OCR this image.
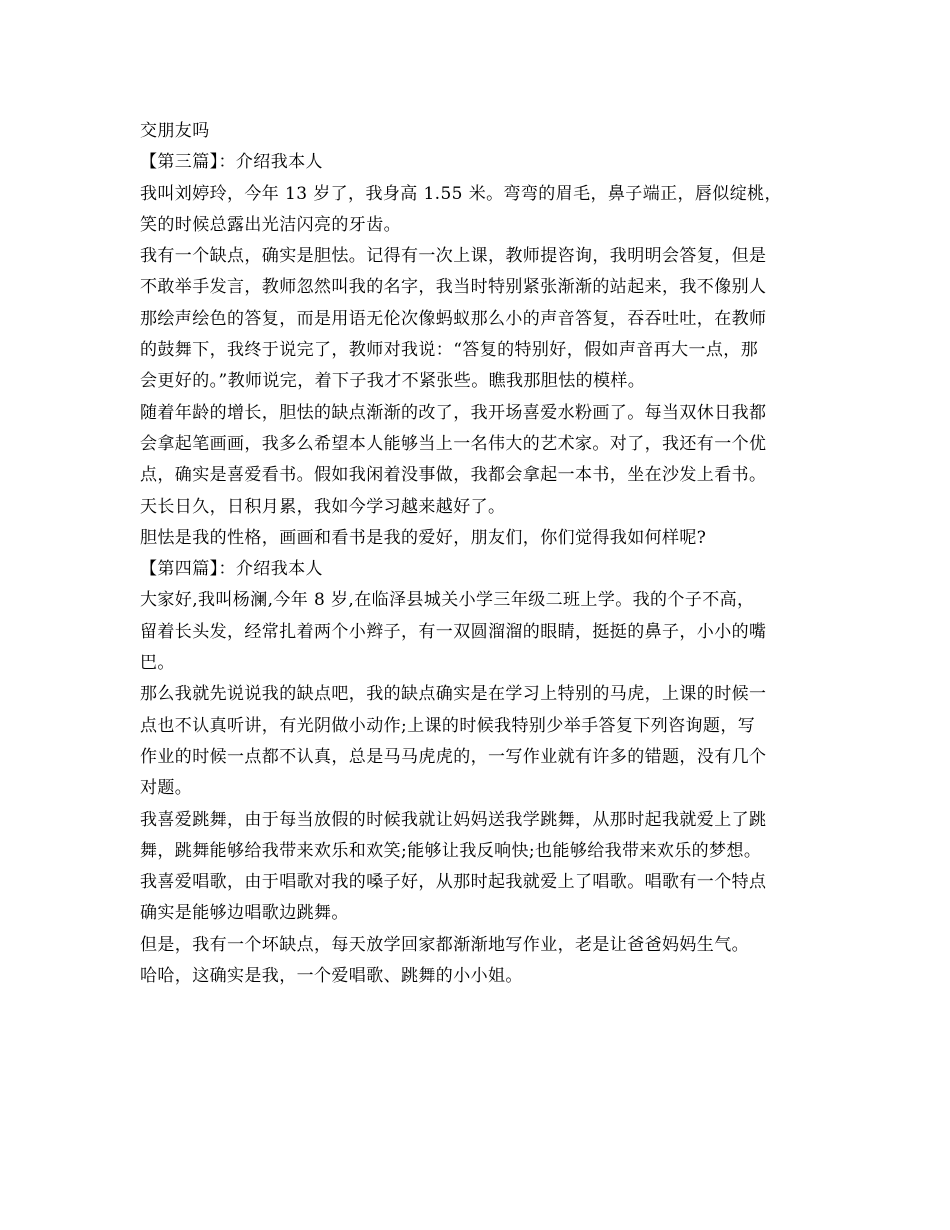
交朋友吗
【第三篇】：介绍我本人
我叫刘婷玲，今年 13 岁了，我身高 1.55 米。弯弯的眉毛，鼻子端正，唇似绽桃，
笑的时候总露出光洁闪亮的牙齿。
我有一个缺点，确实是胆怯。记得有一次上课，教师提咨询，我明明会答复，但是
不敢举手发言，教师忽然叫我的名字，我当时特别紧张渐渐的站起来，我不像别人
那绘声绘色的答复，而是用语无伦次像蚂蚁那么小的声音答复，吞吞吐吐，在教师
的鼓舞下，我终于说完了，教师对我说：“答复的特别好，假如声音再大一点，那
会更好的。”教师说完，着下子我才不紧张些。瞧我那胆怯的模样。
随着年龄的增长，胆怯的缺点渐渐的改了，我开场喜爱水粉画了。每当双休日我都
会拿起笔画画，我多么希望本人能够当上一名伟大的艺术家。对了，我还有一个优
点，确实是喜爱看书。假如我闲着没事做，我都会拿起一本书，坐在沙发上看书。
天长日久，日积月累，我如今学习越来越好了。
胆怯是我的性格，画画和看书是我的爱好，朋友们，你们觉得我如何样呢?
【第四篇】：介绍我本人
大家好,我叫杨澜,今年 8 岁,在临泽县城关小学三年级二班上学。我的个子不高，
留着长头发，经常扎着两个小辫子，有一双圆溜溜的眼睛，挺挺的鼻子，小小的嘴
巴。
那么我就先说说我的缺点吧，我的缺点确实是在学习上特别的马虎，上课的时候一
点也不认真听讲，有光阴做小动作;上课的时候我特别少举手答复下列咨询题，写
作业的时候一点都不认真，总是马马虎虎的，一写作业就有许多的错题，没有几个
对题。
我喜爱跳舞，由于每当放假的时候我就让妈妈送我学跳舞，从那时起我就爱上了跳
舞，跳舞能够给我带来欢乐和欢笑;能够让我反响快;也能够给我带来欢乐的梦想。
我喜爱唱歌，由于唱歌对我的嗓子好，从那时起我就爱上了唱歌。唱歌有一个特点
确实是能够边唱歌边跳舞。
但是，我有一个坏缺点，每天放学回家都渐渐地写作业，老是让爸爸妈妈生气。
哈哈，这确实是我，一个爱唱歌、跳舞的小小姐。
